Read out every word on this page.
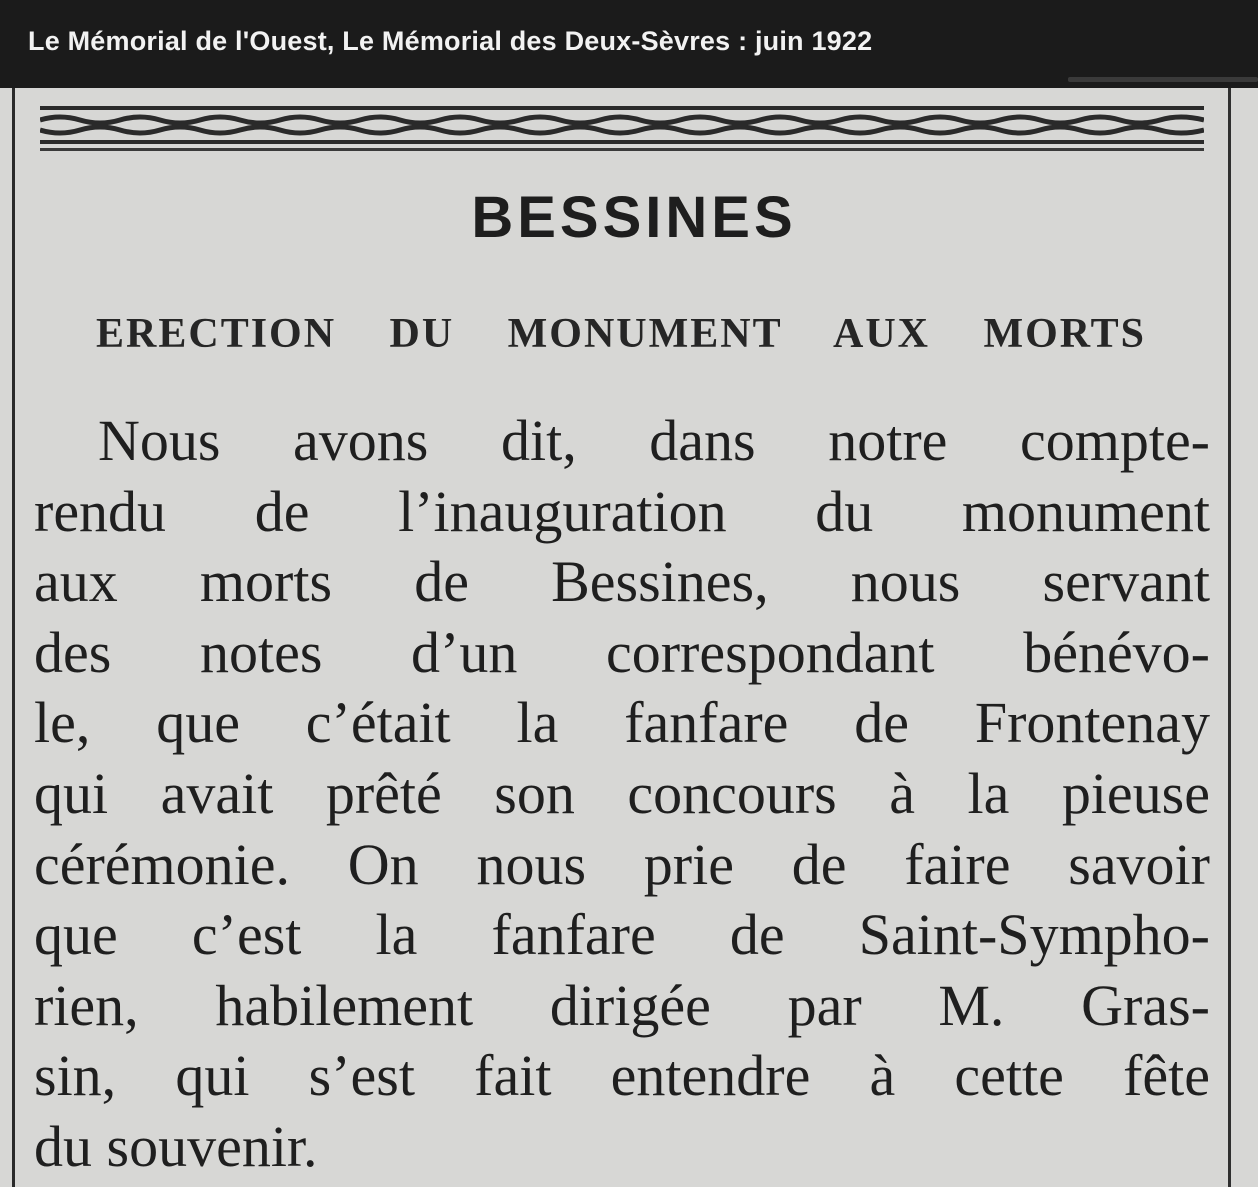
Le Mémorial de l'Ouest, Le Mémorial des Deux-Sèvres : juin 1922
BESSINES
ERECTION DU MONUMENT AUX MORTS
Nous avons dit, dans notre compte-
rendu de l’inauguration du monument
aux morts de Bessines, nous servant
des notes d’un correspondant bénévo-
le, que c’était la fanfare de Frontenay
qui avait prêté son concours à la pieuse
cérémonie. On nous prie de faire savoir
que c’est la fanfare de Saint-Sympho-
rien, habilement dirigée par M. Gras-
sin, qui s’est fait entendre à cette fête
du souvenir.
